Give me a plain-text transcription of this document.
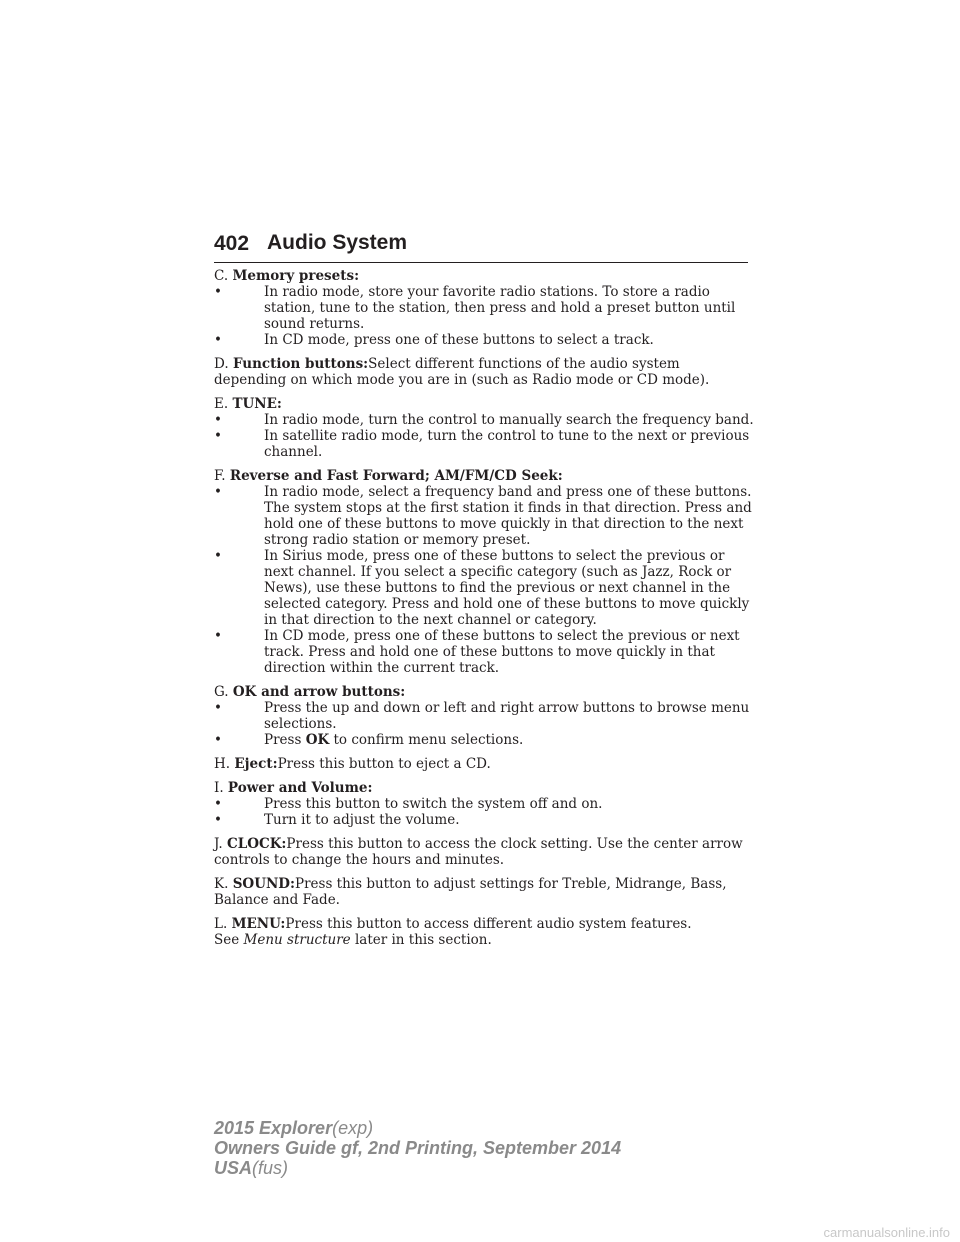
402 Audio System

C. Memory presets:

• In radio mode, store your favorite radio stations. To store a radio station, tune to the station, then press and hold a preset button until sound returns.
• In CD mode, press one of these buttons to select a track.

D. Function buttons:Select different functions of the audio system depending on which mode you are in (such as Radio mode or CD mode).

E. TUNE:

• In radio mode, turn the control to manually search the frequency band.
• In satellite radio mode, turn the control to tune to the next or previous channel.

F. Reverse and Fast Forward; AM/FM/CD Seek:

• In radio mode, select a frequency band and press one of these buttons. The system stops at the first station it finds in that direction. Press and hold one of these buttons to move quickly in that direction to the next strong radio station or memory preset.
• In Sirius mode, press one of these buttons to select the previous or next channel. If you select a specific category (such as Jazz, Rock or News), use these buttons to find the previous or next channel in the selected category. Press and hold one of these buttons to move quickly in that direction to the next channel or category.
• In CD mode, press one of these buttons to select the previous or next track. Press and hold one of these buttons to move quickly in that direction within the current track.

G. OK and arrow buttons:

• Press the up and down or left and right arrow buttons to browse menu selections.
• Press OK to confirm menu selections.

H. Eject:Press this button to eject a CD.

I. Power and Volume:

• Press this button to switch the system off and on.
• Turn it to adjust the volume.

J. CLOCK:Press this button to access the clock setting. Use the center arrow controls to change the hours and minutes.

K. SOUND:Press this button to adjust settings for Treble, Midrange, Bass, Balance and Fade.

L. MENU:Press this button to access different audio system features.
See Menu structure later in this section.

2015 Explorer(exp)
Owners Guide gf, 2nd Printing, September 2014
USA(fus)
carmanualsonline.info
